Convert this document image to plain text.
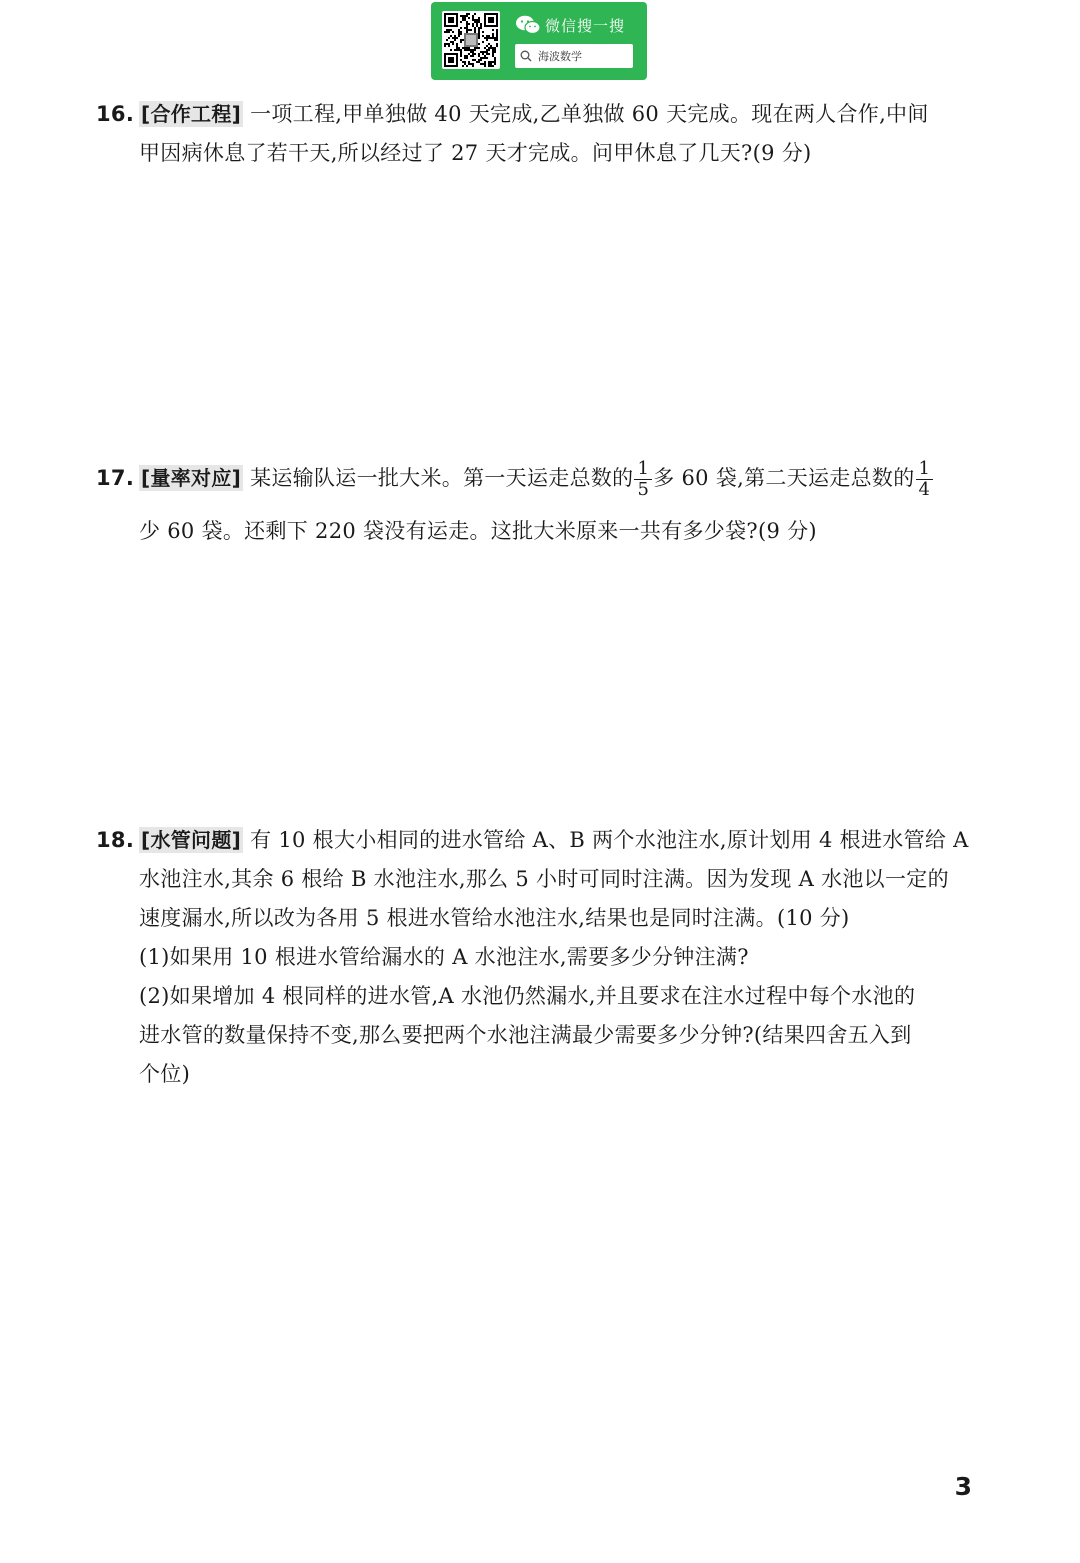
微信搜一搜
海波数学
16. [合作工程] 一项工程,甲单独做 40 天完成,乙单独做 60 天完成。现在两人合作,中间
甲因病休息了若干天,所以经过了 27 天才完成。问甲休息了几天?(9 分)
17. [量率对应] 某运输队运一批大米。第一天运走总数的 $\frac{1}{5}$ 多 60 袋,第二天运走总数的 $\frac{1}{4}$
少 60 袋。还剩下 220 袋没有运走。这批大米原来一共有多少袋?(9 分)
18. [水管问题] 有 10 根大小相同的进水管给 A、B 两个水池注水,原计划用 4 根进水管给 A
水池注水,其余 6 根给 B 水池注水,那么 5 小时可同时注满。因为发现 A 水池以一定的
速度漏水,所以改为各用 5 根进水管给水池注水,结果也是同时注满。(10 分)
(1)如果用 10 根进水管给漏水的 A 水池注水,需要多少分钟注满?
(2)如果增加 4 根同样的进水管,A 水池仍然漏水,并且要求在注水过程中每个水池的
进水管的数量保持不变,那么要把两个水池注满最少需要多少分钟?(结果四舍五入到
个位)
3
